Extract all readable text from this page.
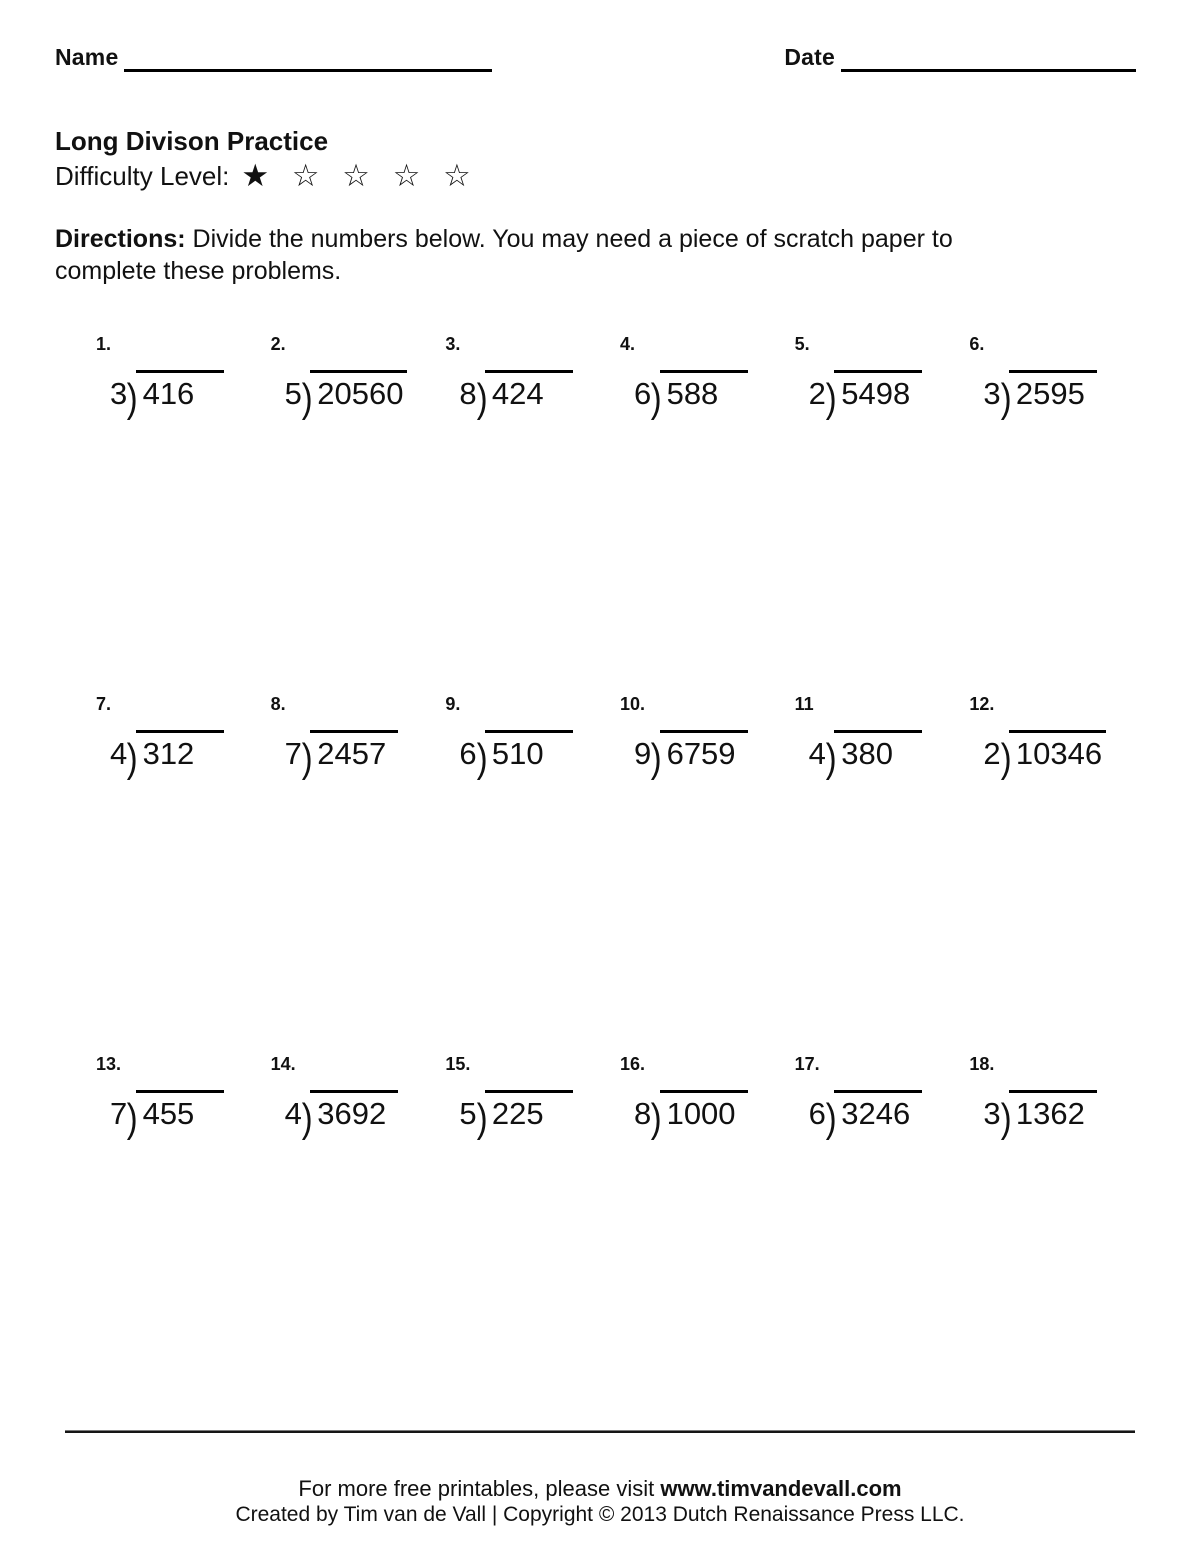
Name	Date
Long Divison Practice
Difficulty Level: ★ ☆ ☆ ☆ ☆

Directions: Divide the numbers below. You may need a piece of scratch paper to complete these problems.

1.
3) 416
2.
5) 20560
3.
8) 424
4.
6) 588
5.
2) 5498
6.
3) 2595
7.
4) 312
8.
7) 2457
9.
6) 510
10.
9) 6759
11
4) 380
12.
2) 10346
13.
7) 455
14.
4) 3692
15.
5) 225
16.
8) 1000
17.
6) 3246
18.
3) 1362
For more free printables, please visit www.timvandevall.com
Created by Tim van de Vall | Copyright © 2013 Dutch Renaissance Press LLC.
